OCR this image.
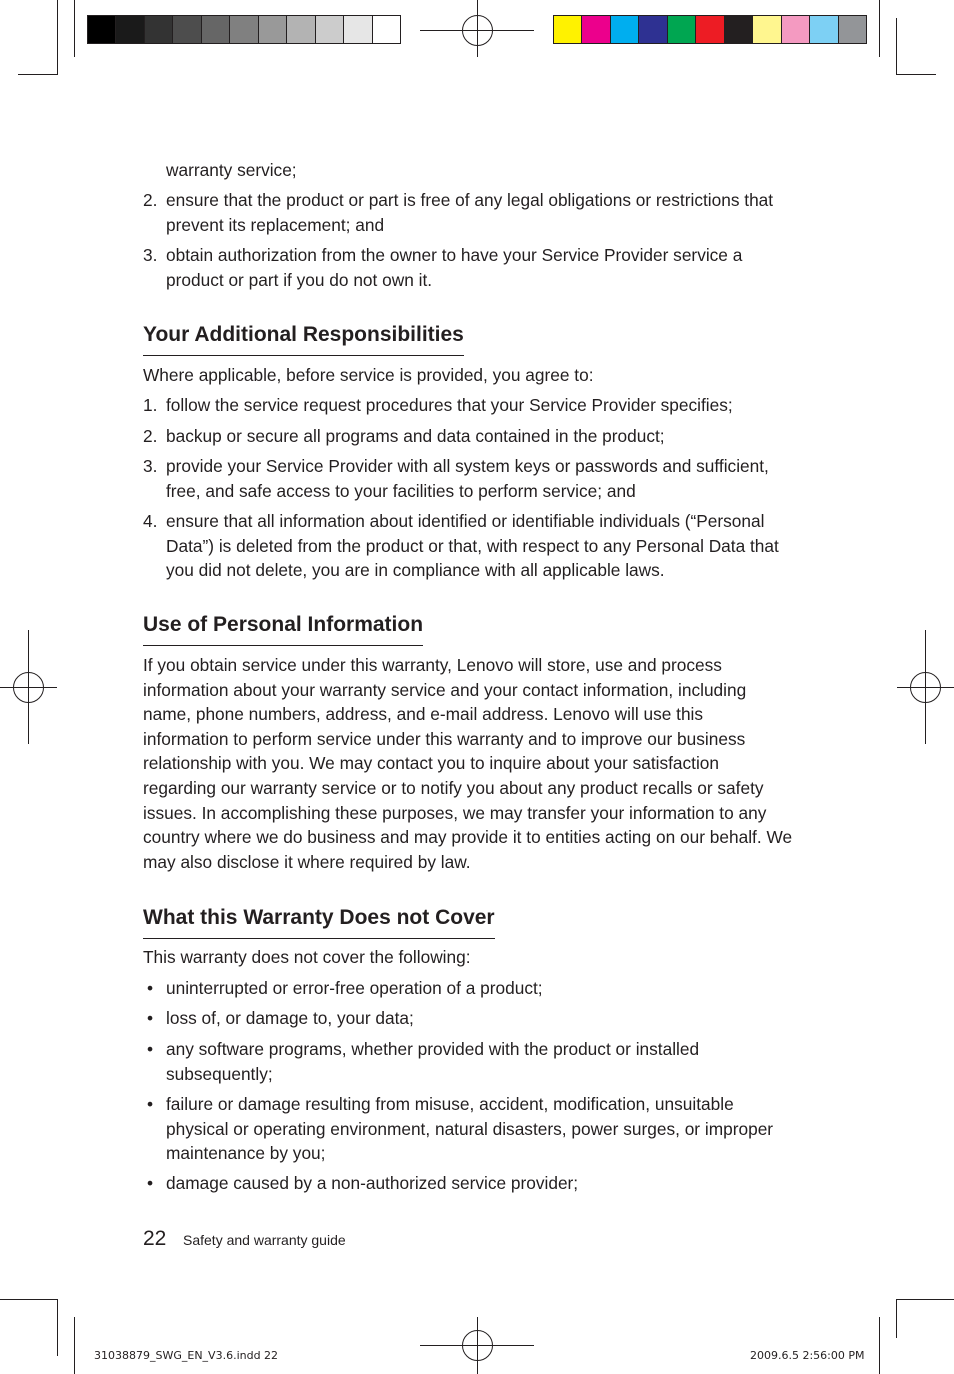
warranty service;
2. ensure that the product or part is free of any legal obligations or restrictions that prevent its replacement; and
3. obtain authorization from the owner to have your Service Provider service a product or part if you do not own it.
Your Additional Responsibilities
Where applicable, before service is provided, you agree to:
1. follow the service request procedures that your Service Provider specifies;
2. backup or secure all programs and data contained in the product;
3. provide your Service Provider with all system keys or passwords and sufficient, free, and safe access to your facilities to perform service; and
4. ensure that all information about identified or identifiable individuals (“Personal Data”) is deleted from the product or that, with respect to any Personal Data that you did not delete, you are in compliance with all applicable laws.
Use of Personal Information
If you obtain service under this warranty, Lenovo will store, use and process information about your warranty service and your contact information, including name, phone numbers, address, and e-mail address. Lenovo will use this information to perform service under this warranty and to improve our business relationship with you. We may contact you to inquire about your satisfaction regarding our warranty service or to notify you about any product recalls or safety issues. In accomplishing these purposes, we may transfer your information to any country where we do business and may provide it to entities acting on our behalf. We may also disclose it where required by law.
What this Warranty Does not Cover
This warranty does not cover the following:
• uninterrupted or error-free operation of a product;
• loss of, or damage to, your data;
• any software programs, whether provided with the product or installed subsequently;
• failure or damage resulting from misuse, accident, modification, unsuitable physical or operating environment, natural disasters, power surges, or improper maintenance by you;
• damage caused by a non-authorized service provider;
22 Safety and warranty guide
31038879_SWG_EN_V3.6.indd 22	2009.6.5 2:56:00 PM
